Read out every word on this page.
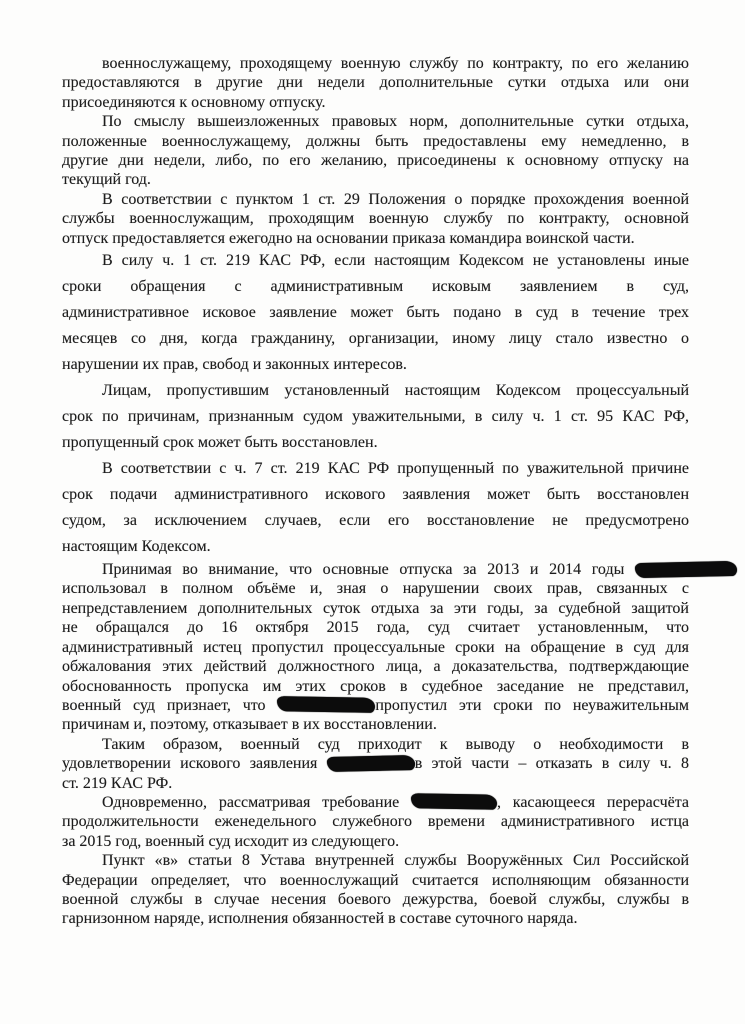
военнослужащему, проходящему военную службу по контракту, по его желанию
предоставляются в другие дни недели дополнительные сутки отдыха или они
присоединяются к основному отпуску.
По смыслу вышеизложенных правовых норм, дополнительные сутки отдыха,
положенные военнослужащему, должны быть предоставлены ему немедленно, в
другие дни недели, либо, по его желанию, присоединены к основному отпуску на
текущий год.
В соответствии с пунктом 1 ст. 29 Положения о порядке прохождения военной
службы военнослужащим, проходящим военную службу по контракту, основной
отпуск предоставляется ежегодно на основании приказа командира воинской части.
В силу ч. 1 ст. 219 КАС РФ, если настоящим Кодексом не установлены иные
сроки обращения с административным исковым заявлением в суд,
административное исковое заявление может быть подано в суд в течение трех
месяцев со дня, когда гражданину, организации, иному лицу стало известно о
нарушении их прав, свобод и законных интересов.
Лицам, пропустившим установленный настоящим Кодексом процессуальный
срок по причинам, признанным судом уважительными, в силу ч. 1 ст. 95 КАС РФ,
пропущенный срок может быть восстановлен.
В соответствии с ч. 7 ст. 219 КАС РФ пропущенный по уважительной причине
срок подачи административного искового заявления может быть восстановлен
судом, за исключением случаев, если его восстановление не предусмотрено
настоящим Кодексом.
Принимая во внимание, что основные отпуска за 2013 и 2014 годы
использовал в полном объёме и, зная о нарушении своих прав, связанных с
непредставлением дополнительных суток отдыха за эти годы, за судебной защитой
не обращался до 16 октября 2015 года, суд считает установленным, что
административный истец пропустил процессуальные сроки на обращение в суд для
обжалования этих действий должностного лица, а доказательства, подтверждающие
обоснованность пропуска им этих сроков в судебное заседание не представил,
военный суд признает, что	пропустил эти сроки по неуважительным
причинам и, поэтому, отказывает в их восстановлении.
Таким образом, военный суд приходит к выводу о необходимости в
удовлетворении искового заявления	в этой части – отказать в силу ч. 8
ст. 219 КАС РФ.
Одновременно, рассматривая требование	, касающееся перерасчёта
продолжительности еженедельного служебного времени административного истца
за 2015 год, военный суд исходит из следующего.
Пункт «в» статьи 8 Устава внутренней службы Вооружённых Сил Российской
Федерации определяет, что военнослужащий считается исполняющим обязанности
военной службы в случае несения боевого дежурства, боевой службы, службы в
гарнизонном наряде, исполнения обязанностей в составе суточного наряда.
